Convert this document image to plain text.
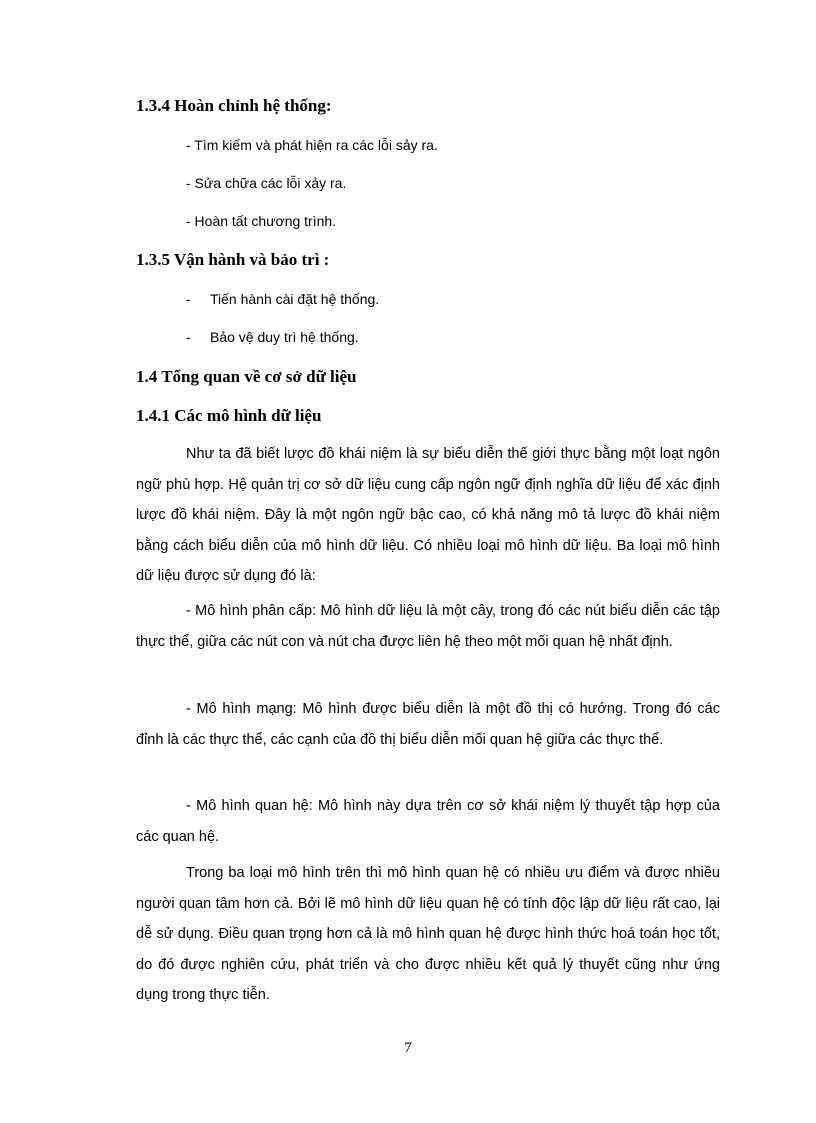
1.3.4 Hoàn chỉnh hệ thống:
- Tìm kiếm và phát hiện ra các lỗi sảy ra.
- Sửa chữa các lỗi xảy ra.
- Hoàn tất chương trình.
1.3.5 Vận hành và bảo trì :
- Tiến hành cài đặt hệ thống.
- Bảo vệ duy trì hệ thống.
1.4 Tổng quan về cơ sở dữ liệu
1.4.1 Các mô hình dữ liệu

Như ta đã biết lược đồ khái niệm là sự biểu diễn thế giới thực bằng một loạt ngôn ngữ phù hợp. Hệ quản trị cơ sở dữ liệu cung cấp ngôn ngữ định nghĩa dữ liệu để xác định lược đồ khái niệm. Đây là một ngôn ngữ bậc cao, có khả năng mô tả lược đồ khái niệm bằng cách biểu diễn của mô hình dữ liệu. Có nhiều loại mô hình dữ liệu. Ba loại mô hình dữ liệu được sử dụng đó là:

- Mô hình phân cấp: Mô hình dữ liệu là một cây, trong đó các nút biểu diễn các tập thực thể, giữa các nút con và nút cha được liên hệ theo một mối quan hệ nhất định.

- Mô hình mạng: Mô hình được biểu diễn là một đồ thị có hướng. Trong đó các đỉnh là các thực thể, các cạnh của đồ thị biểu diễn mối quan hệ giữa các thực thể.

- Mô hình quan hệ: Mô hình này dựa trên cơ sở khái niệm lý thuyết tập hợp của các quan hệ.

Trong ba loại mô hình trên thì mô hình quan hệ có nhiều ưu điểm và được nhiều người quan tâm hơn cả. Bởi lẽ mô hình dữ liệu quan hệ có tính độc lập dữ liệu rất cao, lại dễ sử dụng. Điều quan trọng hơn cả là mô hình quan hệ được hình thức hoá toán học tốt, do đó được nghiên cứu, phát triển và cho được nhiều kết quả lý thuyết cũng như ứng dụng trong thực tiễn.

7
